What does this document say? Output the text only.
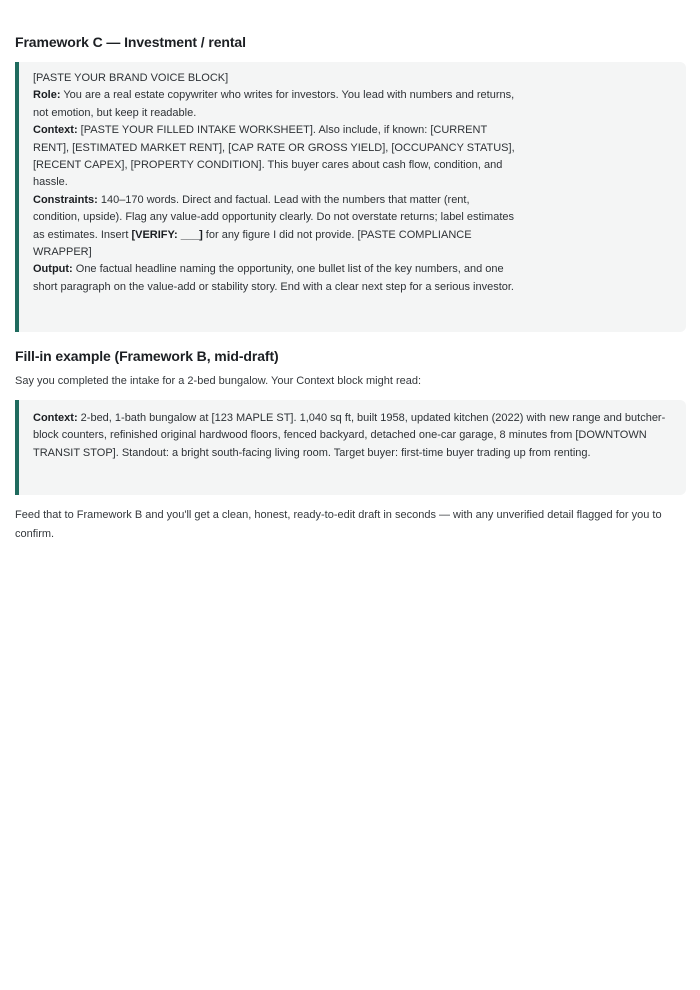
Framework C — Investment / rental

[PASTE YOUR BRAND VOICE BLOCK]

Role: You are a real estate copywriter who writes for investors. You lead with numbers and returns, not emotion, but keep it readable.

Context: [PASTE YOUR FILLED INTAKE WORKSHEET]. Also include, if known: [CURRENT RENT], [ESTIMATED MARKET RENT], [CAP RATE OR GROSS YIELD], [OCCUPANCY STATUS], [RECENT CAPEX], [PROPERTY CONDITION]. This buyer cares about cash flow, condition, and hassle.

Constraints: 140–170 words. Direct and factual. Lead with the numbers that matter (rent, condition, upside). Flag any value-add opportunity clearly. Do not overstate returns; label estimates as estimates. Insert [VERIFY: ___] for any figure I did not provide. [PASTE COMPLIANCE WRAPPER]

Output: One factual headline naming the opportunity, one bullet list of the key numbers, and one short paragraph on the value-add or stability story. End with a clear next step for a serious investor.

Fill-in example (Framework B, mid-draft)
Say you completed the intake for a 2-bed bungalow. Your Context block might read:

Context: 2-bed, 1-bath bungalow at [123 MAPLE ST]. 1,040 sq ft, built 1958, updated kitchen (2022) with new range and butcher-block counters, refinished original hardwood floors, fenced backyard, detached one-car garage, 8 minutes from [DOWNTOWN TRANSIT STOP]. Standout: a bright south-facing living room. Target buyer: first-time buyer trading up from renting.

Feed that to Framework B and you'll get a clean, honest, ready-to-edit draft in seconds — with any unverified detail flagged for you to confirm.
